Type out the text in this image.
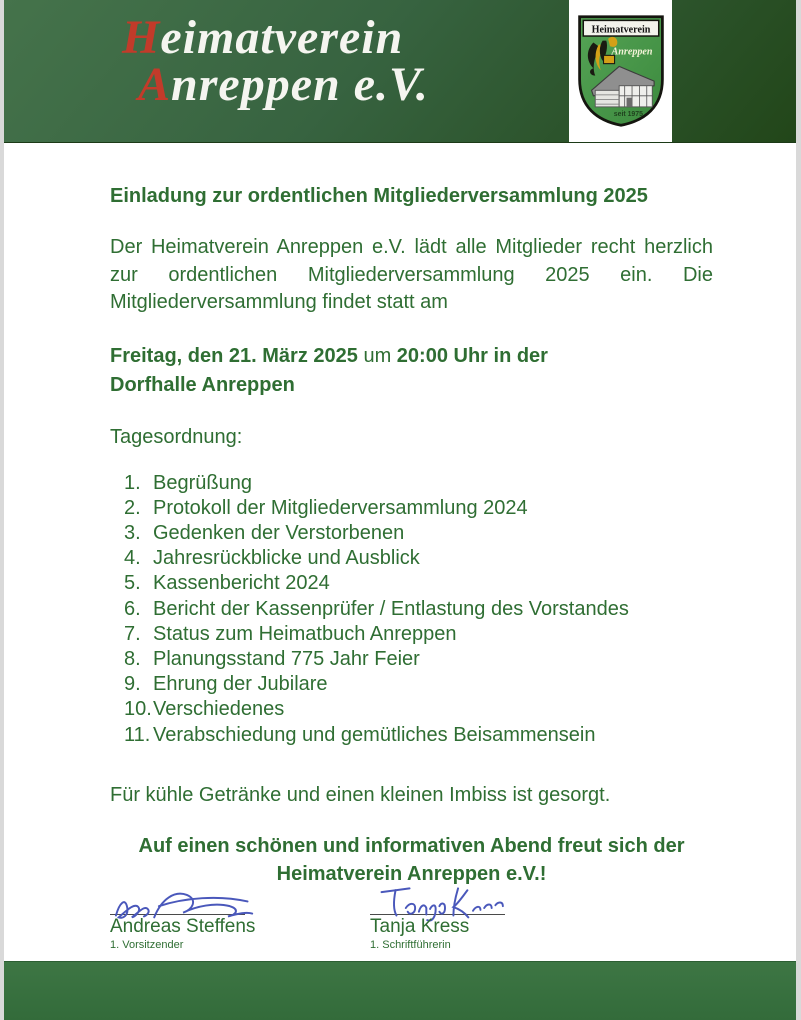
Heimatverein
Anreppen e.V.
Heimatverein
Anreppen
seit 1975

Einladung zur ordentlichen Mitgliederversammlung 2025

Der Heimatverein Anreppen e.V. lädt alle Mitglieder recht herzlich zur ordentlichen Mitgliederversammlung 2025 ein. Die Mitgliederversammlung findet statt am

Freitag, den 21. März 2025 um 20:00 Uhr in der
Dorfhalle Anreppen

Tagesordnung:

1. Begrüßung
2. Protokoll der Mitgliederversammlung 2024
3. Gedenken der Verstorbenen
4. Jahresrückblicke und Ausblick
5. Kassenbericht 2024
6. Bericht der Kassenprüfer / Entlastung des Vorstandes
7. Status zum Heimatbuch Anreppen
8. Planungsstand 775 Jahr Feier
9. Ehrung der Jubilare
10. Verschiedenes
11. Verabschiedung und gemütliches Beisammensein

Für kühle Getränke und einen kleinen Imbiss ist gesorgt.

Auf einen schönen und informativen Abend freut sich der
Heimatverein Anreppen e.V.!

Andreas Steffens
1. Vorsitzender
Tanja Kress
1. Schriftführerin
